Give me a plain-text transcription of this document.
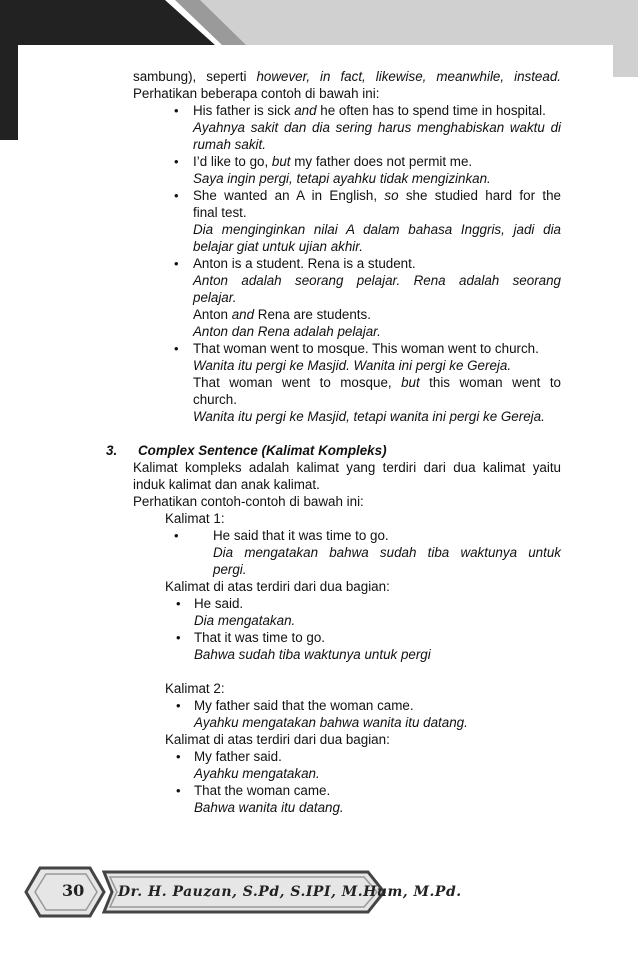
sambung), seperti however, in fact, likewise, meanwhile, instead.
Perhatikan beberapa contoh di bawah ini:
• His father is sick and he often has to spend time in hospital.
Ayahnya sakit dan dia sering harus menghabiskan waktu di
rumah sakit.
• I’d like to go, but my father does not permit me.
Saya ingin pergi, tetapi ayahku tidak mengizinkan.
• She wanted an A in English, so she studied hard for the
final test.
Dia menginginkan nilai A dalam bahasa Inggris, jadi dia
belajar giat untuk ujian akhir.
• Anton is a student. Rena is a student.
Anton adalah seorang pelajar. Rena adalah seorang
pelajar.
Anton and Rena are students.
Anton dan Rena adalah pelajar.
• That woman went to mosque. This woman went to church.
Wanita itu pergi ke Masjid. Wanita ini pergi ke Gereja.
That woman went to mosque, but this woman went to
church.
Wanita itu pergi ke Masjid, tetapi wanita ini pergi ke Gereja.
3. Complex Sentence (Kalimat Kompleks)
Kalimat kompleks adalah kalimat yang terdiri dari dua kalimat yaitu
induk kalimat dan anak kalimat.
Perhatikan contoh-contoh di bawah ini:
Kalimat 1:
•	He said that it was time to go.
Dia mengatakan bahwa sudah tiba waktunya untuk
pergi.
Kalimat di atas terdiri dari dua bagian:
• He said.
Dia mengatakan.
• That it was time to go.
Bahwa sudah tiba waktunya untuk pergi
Kalimat 2:
• My father said that the woman came.
Ayahku mengatakan bahwa wanita itu datang.
Kalimat di atas terdiri dari dua bagian:
• My father said.
Ayahku mengatakan.
• That the woman came.
Bahwa wanita itu datang.
30 Dr. H. Pauzan, S.Pd, S.IPI, M.Hum, M.Pd.
